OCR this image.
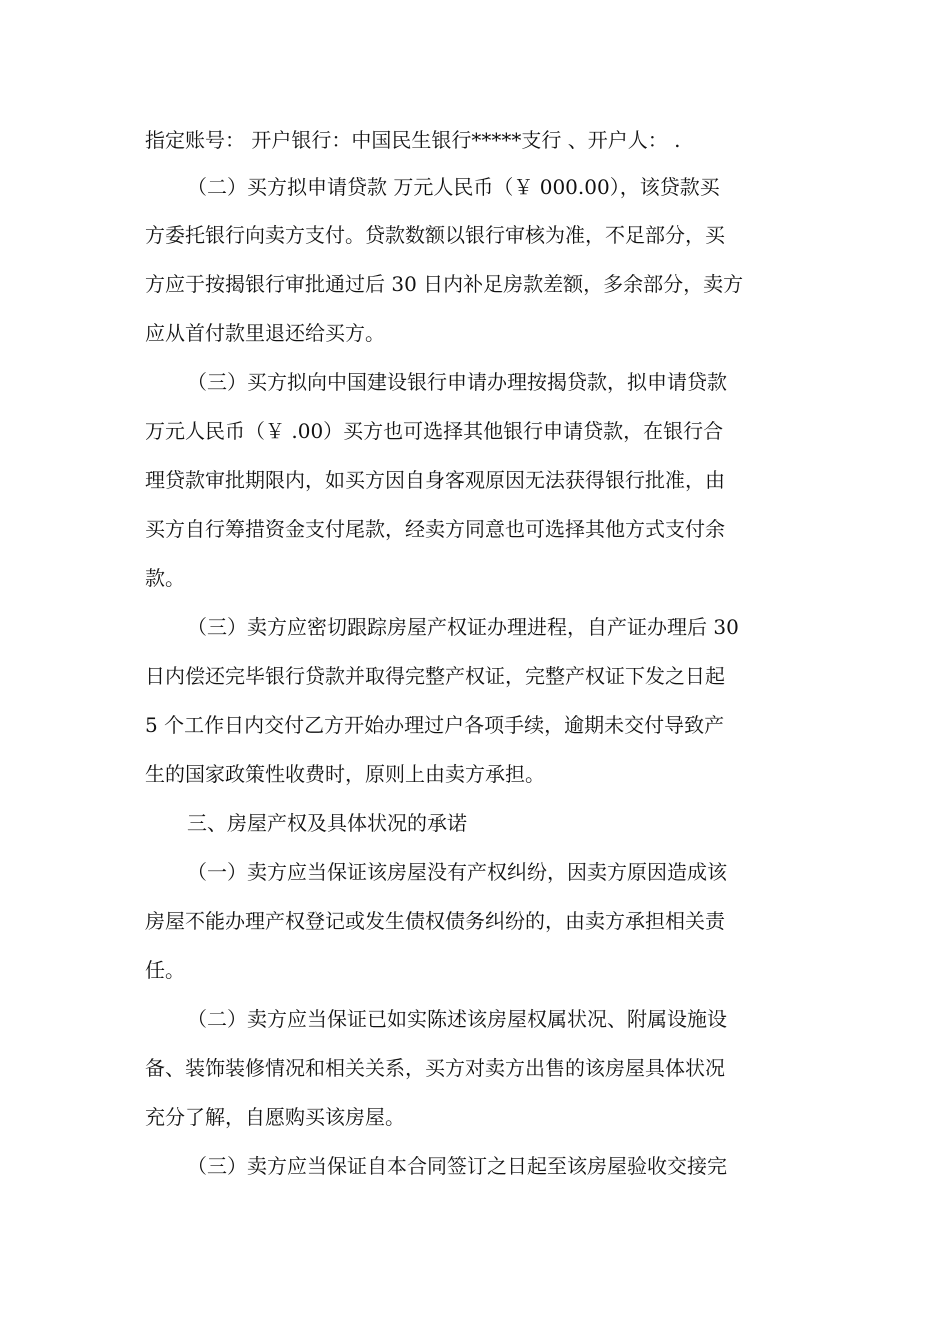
指定账号： 开户银行：中国民生银行*****支行 、开户人： .
（二）买方拟申请贷款 万元人民币（￥ 000.00），该贷款买
方委托银行向卖方支付。贷款数额以银行审核为准，不足部分，买
方应于按揭银行审批通过后 30 日内补足房款差额，多余部分，卖方
应从首付款里退还给买方。
（三）买方拟向中国建设银行申请办理按揭贷款，拟申请贷款
万元人民币（￥ .00）买方也可选择其他银行申请贷款，在银行合
理贷款审批期限内，如买方因自身客观原因无法获得银行批准，由
买方自行筹措资金支付尾款，经卖方同意也可选择其他方式支付余
款。
（三）卖方应密切跟踪房屋产权证办理进程，自产证办理后 30
日内偿还完毕银行贷款并取得完整产权证，完整产权证下发之日起
5 个工作日内交付乙方开始办理过户各项手续，逾期未交付导致产
生的国家政策性收费时，原则上由卖方承担。
三、房屋产权及具体状况的承诺
（一）卖方应当保证该房屋没有产权纠纷，因卖方原因造成该
房屋不能办理产权登记或发生债权债务纠纷的，由卖方承担相关责
任。
（二）卖方应当保证已如实陈述该房屋权属状况、附属设施设
备、装饰装修情况和相关关系，买方对卖方出售的该房屋具体状况
充分了解，自愿购买该房屋。
（三）卖方应当保证自本合同签订之日起至该房屋验收交接完
